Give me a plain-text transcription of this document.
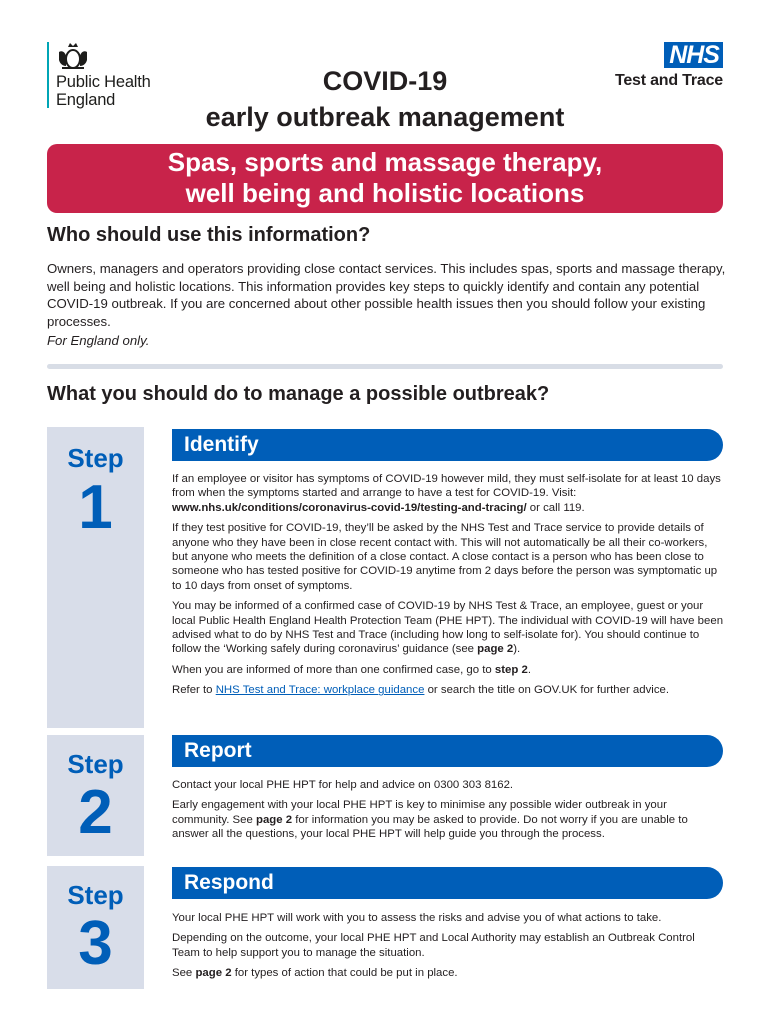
Public Health
England
NHS
Test and Trace
COVID-19
early outbreak management
Spas, sports and massage therapy,
well being and holistic locations
Who should use this information?

Owners, managers and operators providing close contact services. This includes spas, sports and massage therapy, well being and holistic locations. This information provides key steps to quickly identify and contain any potential COVID-19 outbreak. If you are concerned about other possible health issues then you should follow your existing processes.

For England only.

What you should do to manage a possible outbreak?
Step
1
Identify

If an employee or visitor has symptoms of COVID-19 however mild, they must self-isolate for at least 10 days from when the symptoms started and arrange to have a test for COVID-19. Visit: www.nhs.uk/conditions/coronavirus-covid-19/testing-and-tracing/ or call 119.

If they test positive for COVID-19, they’ll be asked by the NHS Test and Trace service to provide details of anyone who they have been in close recent contact with. This will not automatically be all their co-workers, but anyone who meets the definition of a close contact. A close contact is a person who has been close to someone who has tested positive for COVID-19 anytime from 2 days before the person was symptomatic up to 10 days from onset of symptoms.

You may be informed of a confirmed case of COVID-19 by NHS Test & Trace, an employee, guest or your local Public Health England Health Protection Team (PHE HPT). The individual with COVID-19 will have been advised what to do by NHS Test and Trace (including how long to self-isolate for). You should continue to follow the ‘Working safely during coronavirus’ guidance (see page 2).

When you are informed of more than one confirmed case, go to step 2.

Refer to NHS Test and Trace: workplace guidance or search the title on GOV.UK for further advice.

Step
2
Report

Contact your local PHE HPT for help and advice on 0300 303 8162.

Early engagement with your local PHE HPT is key to minimise any possible wider outbreak in your community. See page 2 for information you may be asked to provide. Do not worry if you are unable to answer all the questions, your local PHE HPT will help guide you through the process.

Step
3
Respond

Your local PHE HPT will work with you to assess the risks and advise you of what actions to take.

Depending on the outcome, your local PHE HPT and Local Authority may establish an Outbreak Control Team to help support you to manage the situation.

See page 2 for types of action that could be put in place.
